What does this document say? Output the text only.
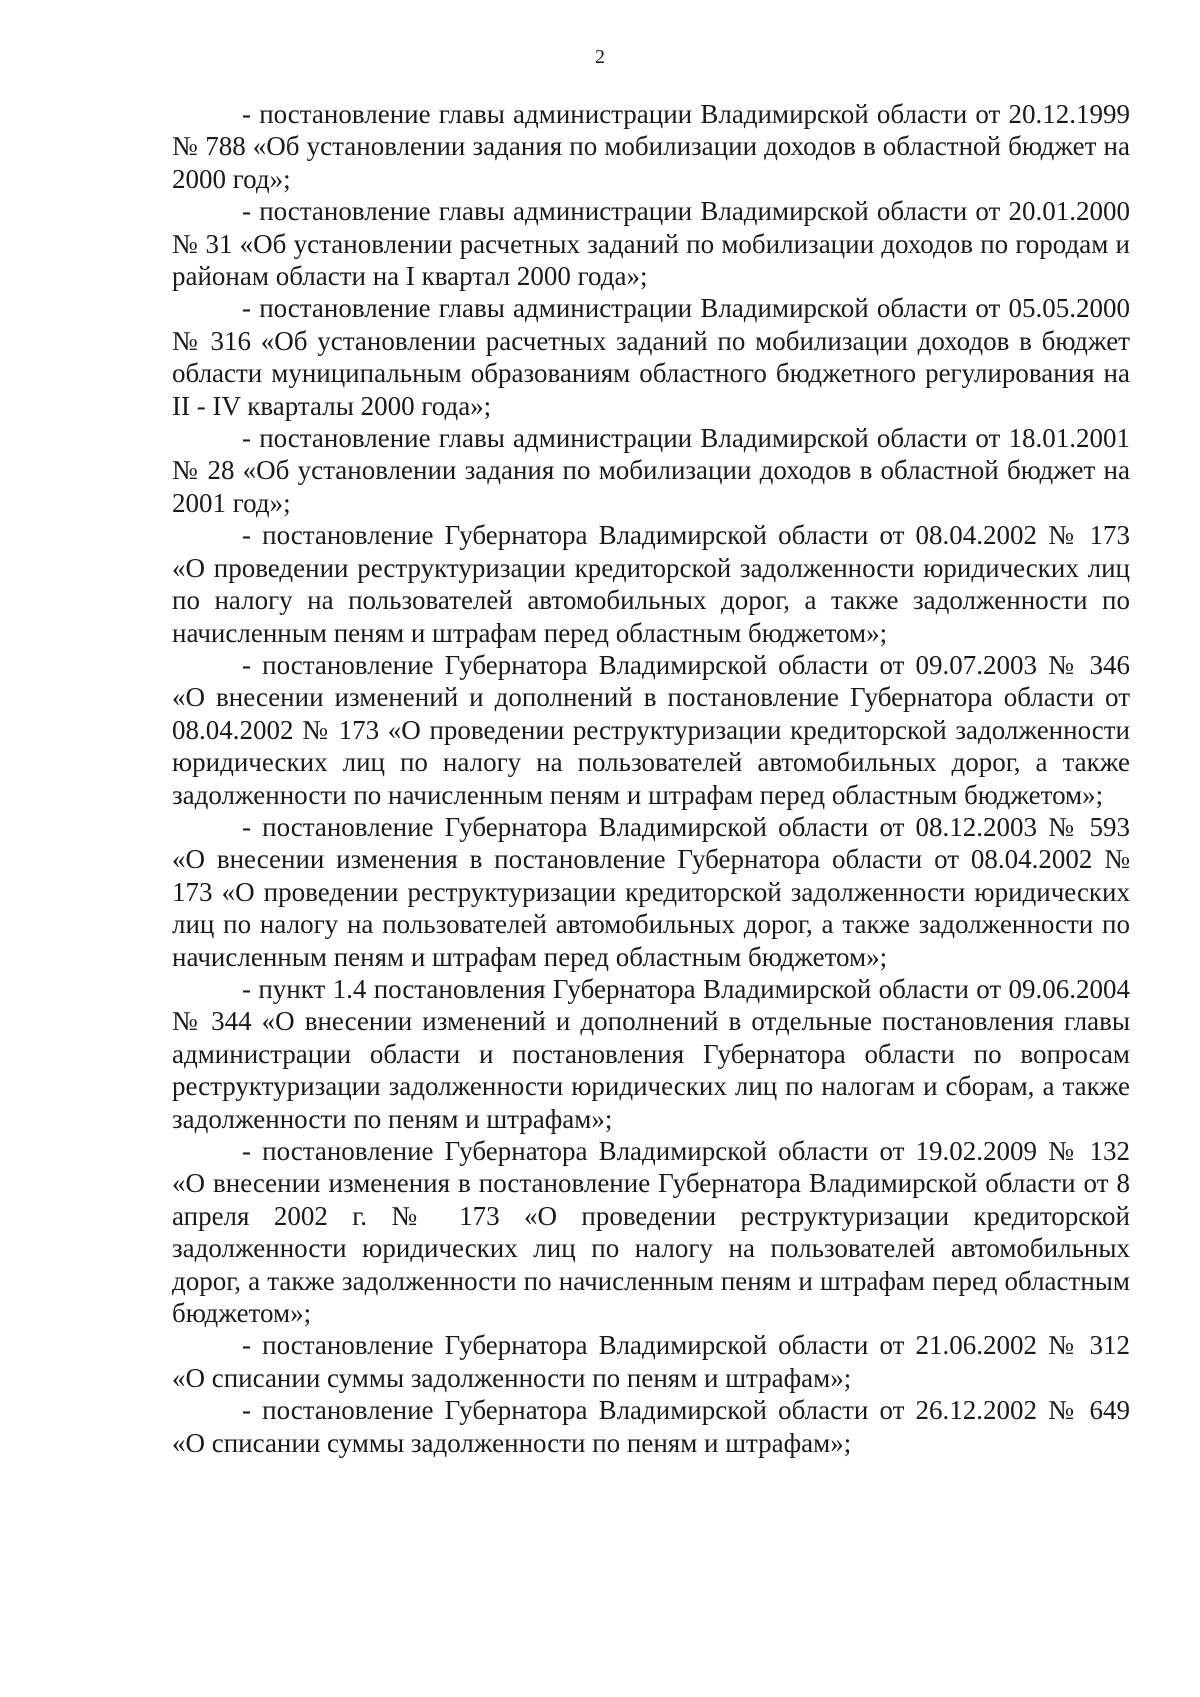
2

- постановление главы администрации Владимирской области от 20.12.1999 № 788 «Об установлении задания по мобилизации доходов в областной бюджет на 2000 год»;

- постановление главы администрации Владимирской области от 20.01.2000 № 31 «Об установлении расчетных заданий по мобилизации доходов по городам и районам области на I квартал 2000 года»;

- постановление главы администрации Владимирской области от 05.05.2000 № 316 «Об установлении расчетных заданий по мобилизации доходов в бюджет области муниципальным образованиям областного бюджетного регулирования на II - IV кварталы 2000 года»;

- постановление главы администрации Владимирской области от 18.01.2001 № 28 «Об установлении задания по мобилизации доходов в областной бюджет на 2001 год»;

- постановление Губернатора Владимирской области от 08.04.2002 № 173 «О проведении реструктуризации кредиторской задолженности юридических лиц по налогу на пользователей автомобильных дорог, а также задолженности по начисленным пеням и штрафам перед областным бюджетом»;

- постановление Губернатора Владимирской области от 09.07.2003 № 346 «О внесении изменений и дополнений в постановление Губернатора области от 08.04.2002 № 173 «О проведении реструктуризации кредиторской задолженности юридических лиц по налогу на пользователей автомобильных дорог, а также задолженности по начисленным пеням и штрафам перед областным бюджетом»;

- постановление Губернатора Владимирской области от 08.12.2003 № 593 «О внесении изменения в постановление Губернатора области от 08.04.2002 № 173 «О проведении реструктуризации кредиторской задолженности юридических лиц по налогу на пользователей автомобильных дорог, а также задолженности по начисленным пеням и штрафам перед областным бюджетом»;

- пункт 1.4 постановления Губернатора Владимирской области от 09.06.2004 № 344 «О внесении изменений и дополнений в отдельные постановления главы администрации области и постановления Губернатора области по вопросам реструктуризации задолженности юридических лиц по налогам и сборам, а также задолженности по пеням и штрафам»;

- постановление Губернатора Владимирской области от 19.02.2009 № 132 «О внесении изменения в постановление Губернатора Владимирской области от 8 апреля 2002 г. № 173 «О проведении реструктуризации кредиторской задолженности юридических лиц по налогу на пользователей автомобильных дорог, а также задолженности по начисленным пеням и штрафам перед областным бюджетом»;

- постановление Губернатора Владимирской области от 21.06.2002 № 312 «О списании суммы задолженности по пеням и штрафам»;

- постановление Губернатора Владимирской области от 26.12.2002 № 649 «О списании суммы задолженности по пеням и штрафам»;
